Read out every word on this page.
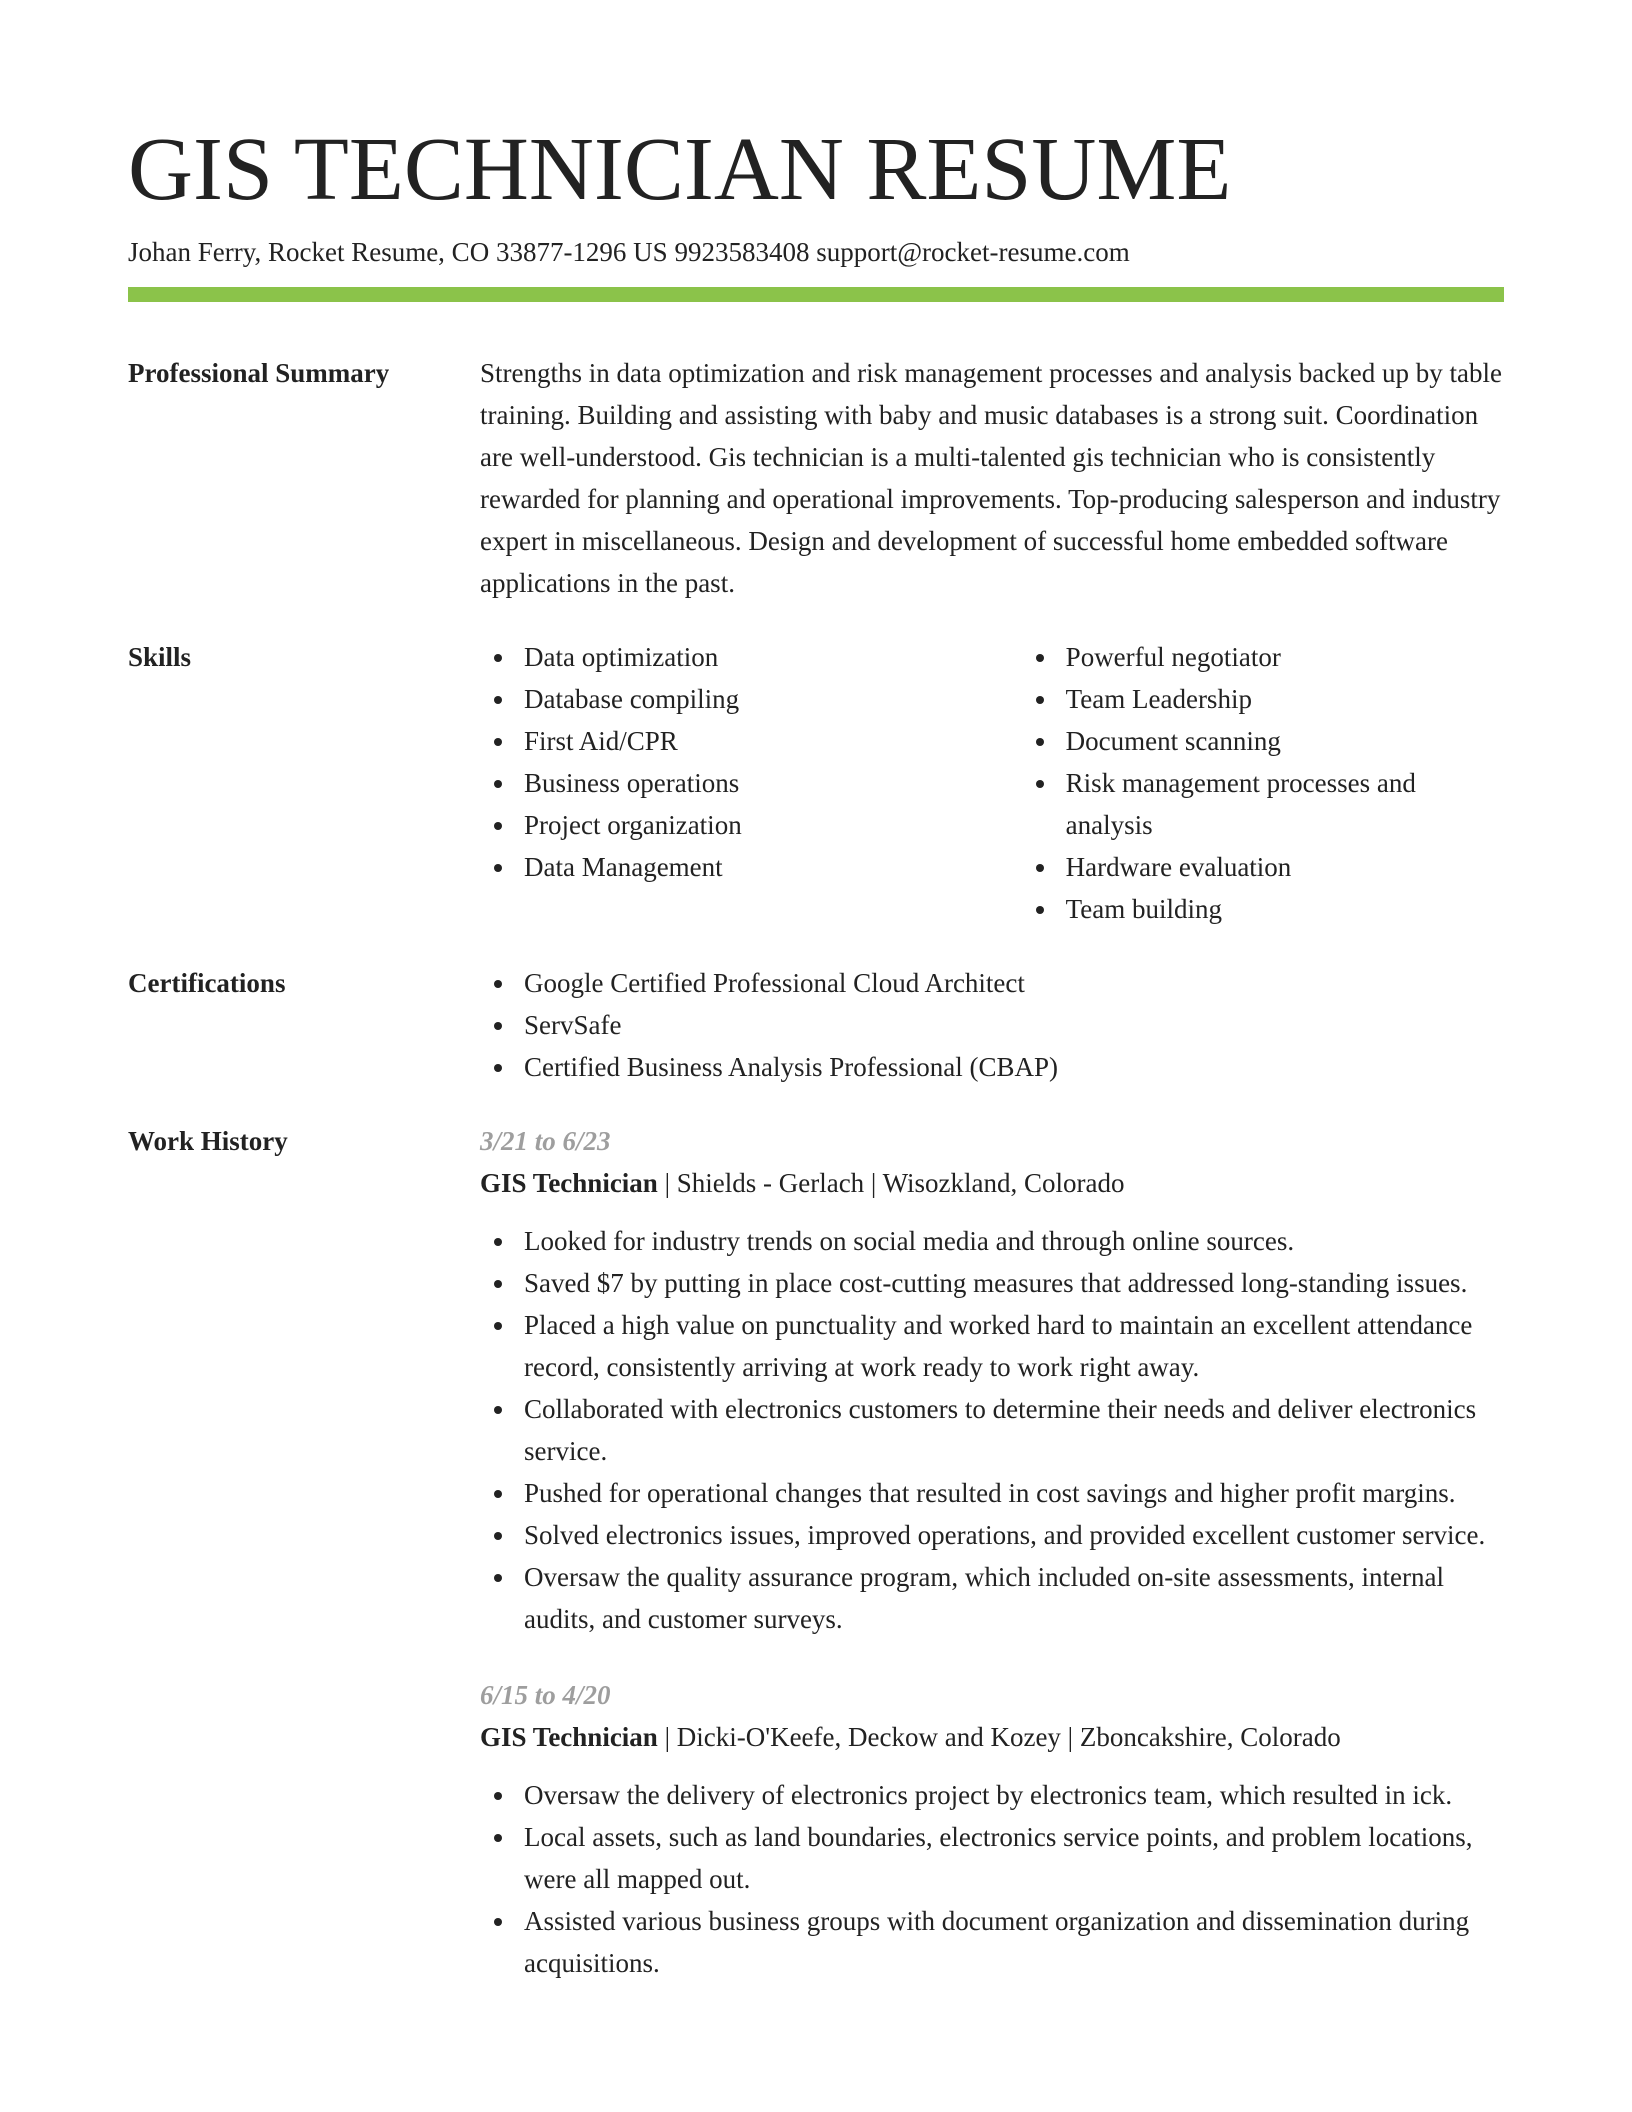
GIS TECHNICIAN RESUME
Johan Ferry, Rocket Resume, CO 33877-1296 US 9923583408 support@rocket-resume.com
Professional Summary	Strengths in data optimization and risk management processes and analysis backed up by table training. Building and assisting with baby and music databases is a strong suit. Coordination are well-understood. Gis technician is a multi-talented gis technician who is consistently rewarded for planning and operational improvements. Top-producing salesperson and industry expert in miscellaneous. Design and development of successful home embedded software applications in the past.
Skills	Data optimization
Database compiling
First Aid/CPR
Business operations
Project organization
Data Management
Powerful negotiator
Team Leadership
Document scanning
Risk management processes and analysis
Hardware evaluation
Team building
Certifications	Google Certified Professional Cloud Architect
ServSafe
Certified Business Analysis Professional (CBAP)
Work History	3/21 to 6/23
GIS Technician | Shields - Gerlach | Wisozkland, Colorado
Looked for industry trends on social media and through online sources.
Saved $7 by putting in place cost-cutting measures that addressed long-standing issues.
Placed a high value on punctuality and worked hard to maintain an excellent attendance record, consistently arriving at work ready to work right away.
Collaborated with electronics customers to determine their needs and deliver electronics service.
Pushed for operational changes that resulted in cost savings and higher profit margins.
Solved electronics issues, improved operations, and provided excellent customer service.
Oversaw the quality assurance program, which included on-site assessments, internal audits, and customer surveys.
6/15 to 4/20
GIS Technician | Dicki-O'Keefe, Deckow and Kozey | Zboncakshire, Colorado
Oversaw the delivery of electronics project by electronics team, which resulted in ick.
Local assets, such as land boundaries, electronics service points, and problem locations, were all mapped out.
Assisted various business groups with document organization and dissemination during acquisitions.
